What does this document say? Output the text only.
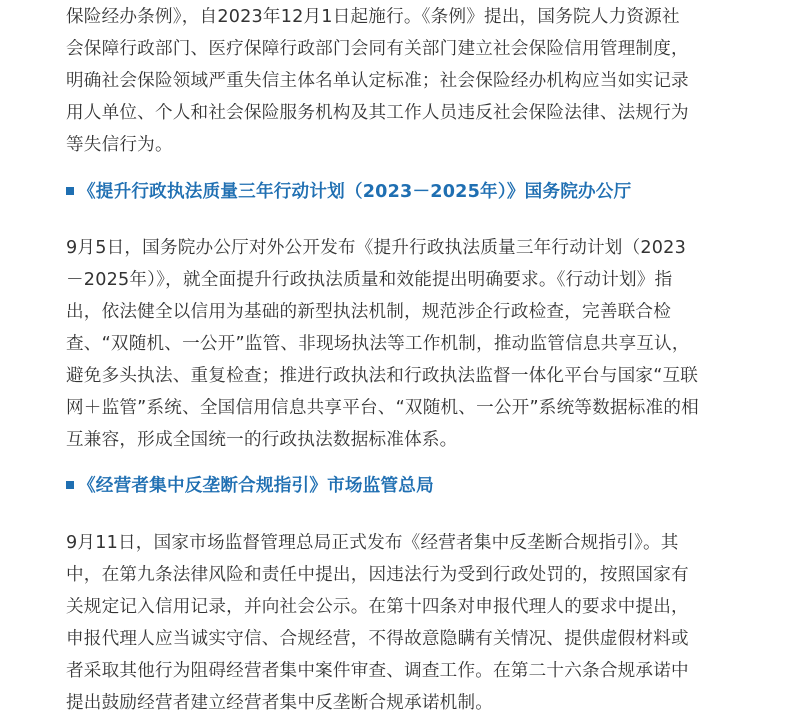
保险经办条例》，自2023年12月1日起施行。《条例》提出，国务院人力资源社
会保障行政部门、医疗保障行政部门会同有关部门建立社会保险信用管理制度，
明确社会保险领域严重失信主体名单认定标准；社会保险经办机构应当如实记录
用人单位、个人和社会保险服务机构及其工作人员违反社会保险法律、法规行为
等失信行为。
《提升行政执法质量三年行动计划（2023－2025年）》国务院办公厅
9月5日，国务院办公厅对外公开发布《提升行政执法质量三年行动计划（2023
－2025年）》，就全面提升行政执法质量和效能提出明确要求。《行动计划》指
出，依法健全以信用为基础的新型执法机制，规范涉企行政检查，完善联合检
查、“双随机、一公开”监管、非现场执法等工作机制，推动监管信息共享互认，
避免多头执法、重复检查；推进行政执法和行政执法监督一体化平台与国家“互联
网＋监管”系统、全国信用信息共享平台、“双随机、一公开”系统等数据标准的相
互兼容，形成全国统一的行政执法数据标准体系。
《经营者集中反垄断合规指引》市场监管总局
9月11日，国家市场监督管理总局正式发布《经营者集中反垄断合规指引》。其
中，在第九条法律风险和责任中提出，因违法行为受到行政处罚的，按照国家有
关规定记入信用记录，并向社会公示。在第十四条对申报代理人的要求中提出，
申报代理人应当诚实守信、合规经营，不得故意隐瞒有关情况、提供虚假材料或
者采取其他行为阻碍经营者集中案件审查、调查工作。在第二十六条合规承诺中
提出鼓励经营者建立经营者集中反垄断合规承诺机制。
